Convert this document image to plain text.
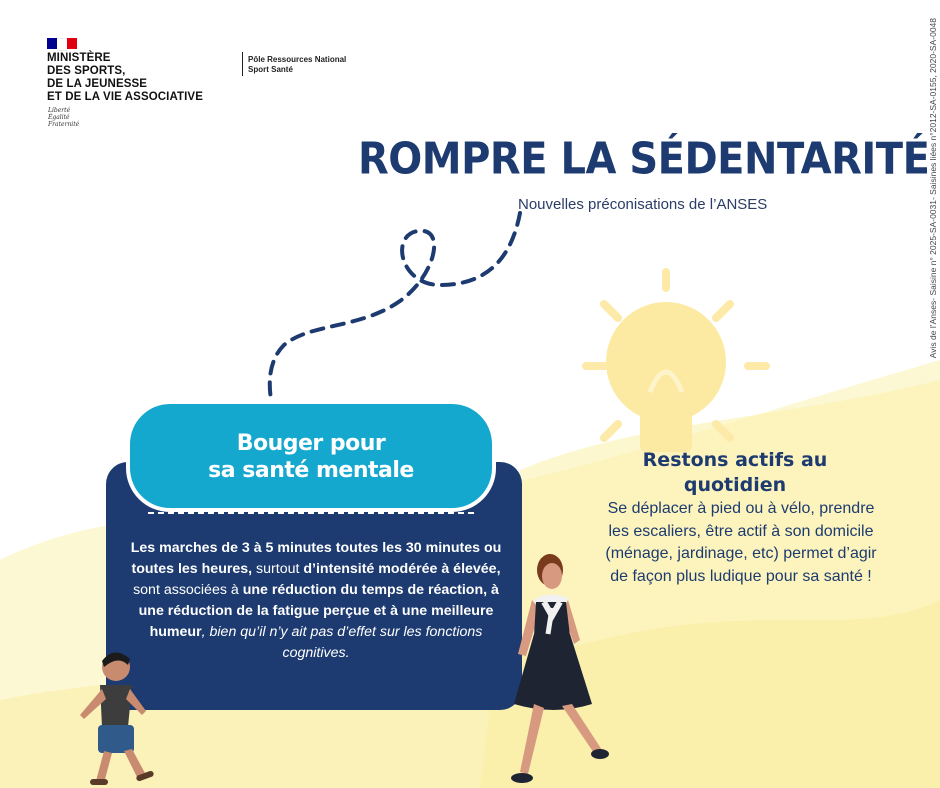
MINISTÈRE
DES SPORTS,
DE LA JEUNESSE
ET DE LA VIE ASSOCIATIVE
Liberté
Égalité
Fraternité
Pôle Ressources National
Sport Santé	Avis de l’Anses- Saisine n° 2025-SA-0031- Saisines liées n°2012-SA-0155, 2020-SA-0048
ROMPRE LA SÉDENTARITÉ
Nouvelles préconisations de l’ANSES
Bouger pour
sa santé mentale
Les marches de 3 à 5 minutes toutes les 30 minutes ou toutes les heures, surtout d’intensité modérée à élevée, sont associées à une réduction du temps de réaction, à une réduction de la fatigue perçue et à une meilleure humeur, bien qu’il n’y ait pas d’effet sur les fonctions cognitives.
Restons actifs au quotidien
Se déplacer à pied ou à vélo, prendre les escaliers, être actif à son domicile (ménage, jardinage, etc) permet d’agir de façon plus ludique pour sa santé !
